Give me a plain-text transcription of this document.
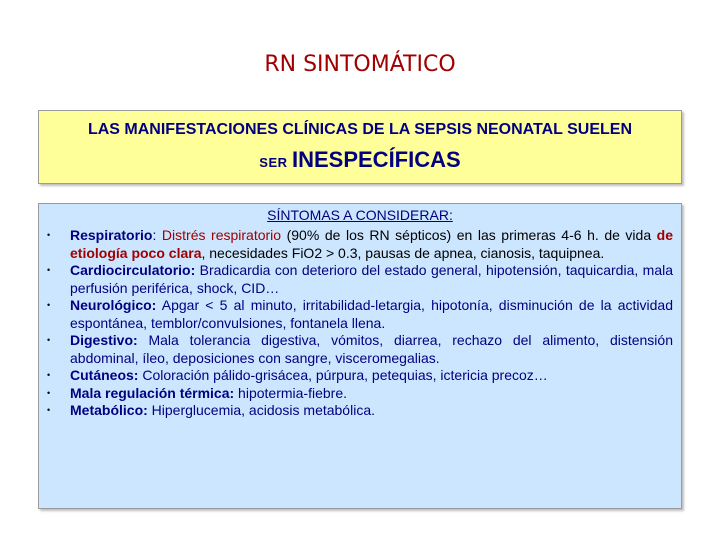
RN SINTOMÁTICO
LAS MANIFESTACIONES CLÍNICAS DE LA SEPSIS NEONATAL SUELEN
SER INESPECÍFICAS
SÍNTOMAS A CONSIDERAR:
• Respiratorio: Distrés respiratorio (90% de los RN sépticos) en las primeras 4-6 h. de vida de etiología poco clara, necesidades FiO2 > 0.3, pausas de apnea, cianosis, taquipnea.
• Cardiocirculatorio: Bradicardia con deterioro del estado general, hipotensión, taquicardia, mala perfusión periférica, shock, CID…
• Neurológico: Apgar < 5 al minuto, irritabilidad-letargia, hipotonía, disminución de la actividad espontánea, temblor/convulsiones, fontanela llena.
• Digestivo: Mala tolerancia digestiva, vómitos, diarrea, rechazo del alimento, distensión abdominal, íleo, deposiciones con sangre, visceromegalias.
• Cutáneos: Coloración pálido-grisácea, púrpura, petequias, ictericia precoz…
• Mala regulación térmica: hipotermia-fiebre.
• Metabólico: Hiperglucemia, acidosis metabólica.
